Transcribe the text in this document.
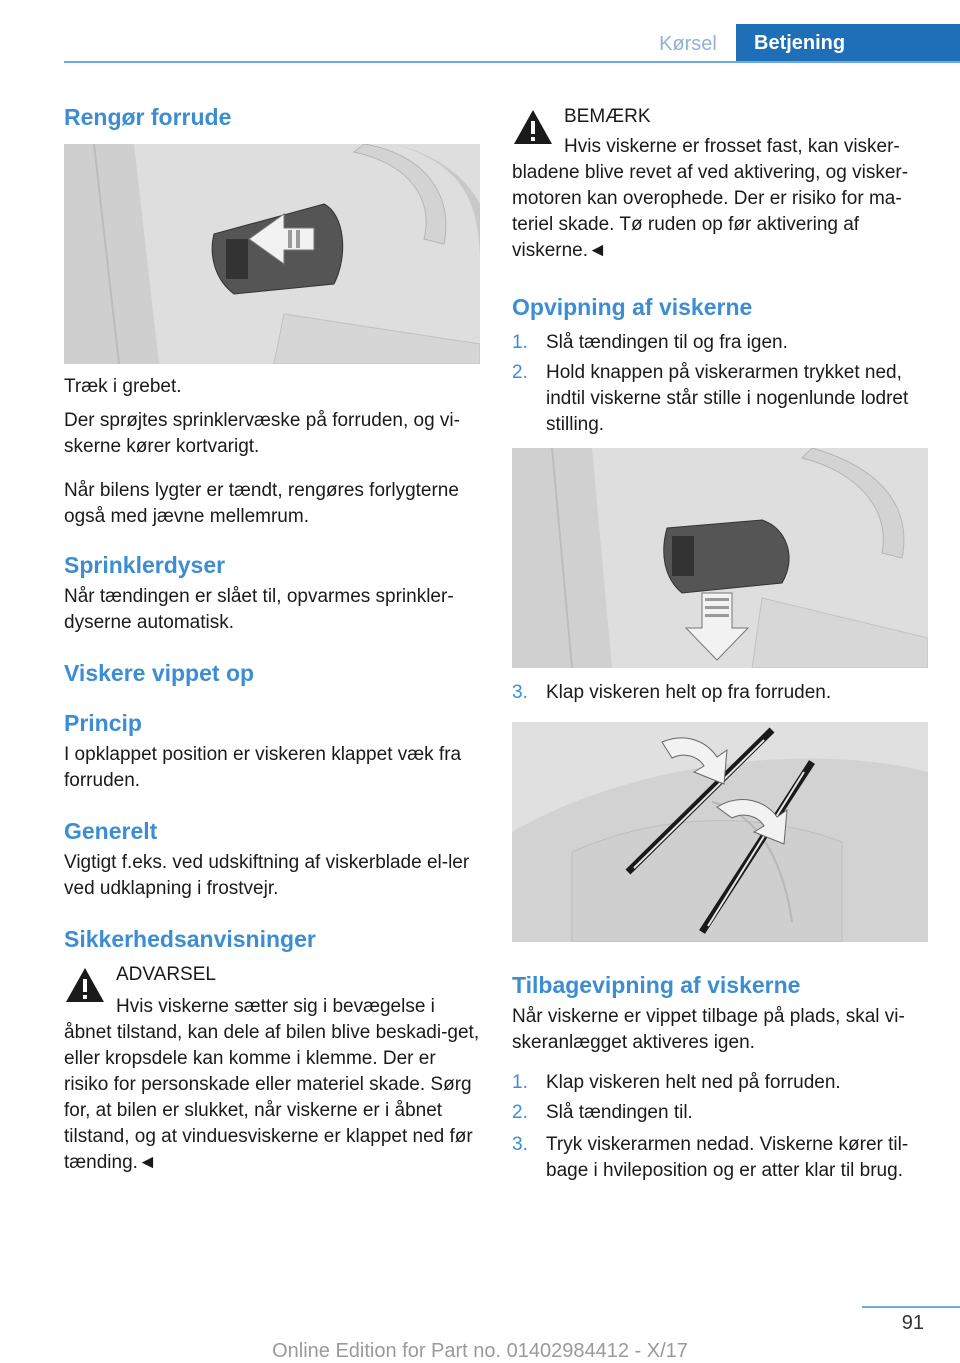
Kørsel	Betjening
Rengør forrude

Træk i grebet.

Der sprøjtes sprinklervæske på forruden, og vi-skerne kører kortvarigt.

Når bilens lygter er tændt, rengøres forlygterne også med jævne mellemrum.

Sprinklerdyser

Når tændingen er slået til, opvarmes sprinkler-dyserne automatisk.

Viskere vippet op
Princip

I opklappet position er viskeren klappet væk fra forruden.

Generelt

Vigtigt f.eks. ved udskiftning af viskerblade el-ler ved udklapning i frostvejr.

Sikkerhedsanvisninger

ADVARSEL

Hvis viskerne sætter sig i bevægelse i

åbnet tilstand, kan dele af bilen blive beskadi-get, eller kropsdele kan komme i klemme. Der er risiko for personskade eller materiel skade. Sørg for, at bilen er slukket, når viskerne er i åbnet tilstand, og at vinduesviskerne er klappet ned før tænding.◄

BEMÆRK

Hvis viskerne er frosset fast, kan visker-

bladene blive revet af ved aktivering, og visker-motoren kan overophede. Der er risiko for ma-teriel skade. Tø ruden op før aktivering af viskerne.◄

Opvipning af viskerne
1. Slå tændingen til og fra igen.
2. Hold knappen på viskerarmen trykket ned, indtil viskerne står stille i nogenlunde lodret stilling.
3. Klap viskeren helt op fra forruden.
Tilbagevipning af viskerne

Når viskerne er vippet tilbage på plads, skal vi-skeranlægget aktiveres igen.

1. Klap viskeren helt ned på forruden.
2. Slå tændingen til.
3. Tryk viskerarmen nedad. Viskerne kører til-bage i hvileposition og er atter klar til brug.
91
Online Edition for Part no. 01402984412 - X/17
